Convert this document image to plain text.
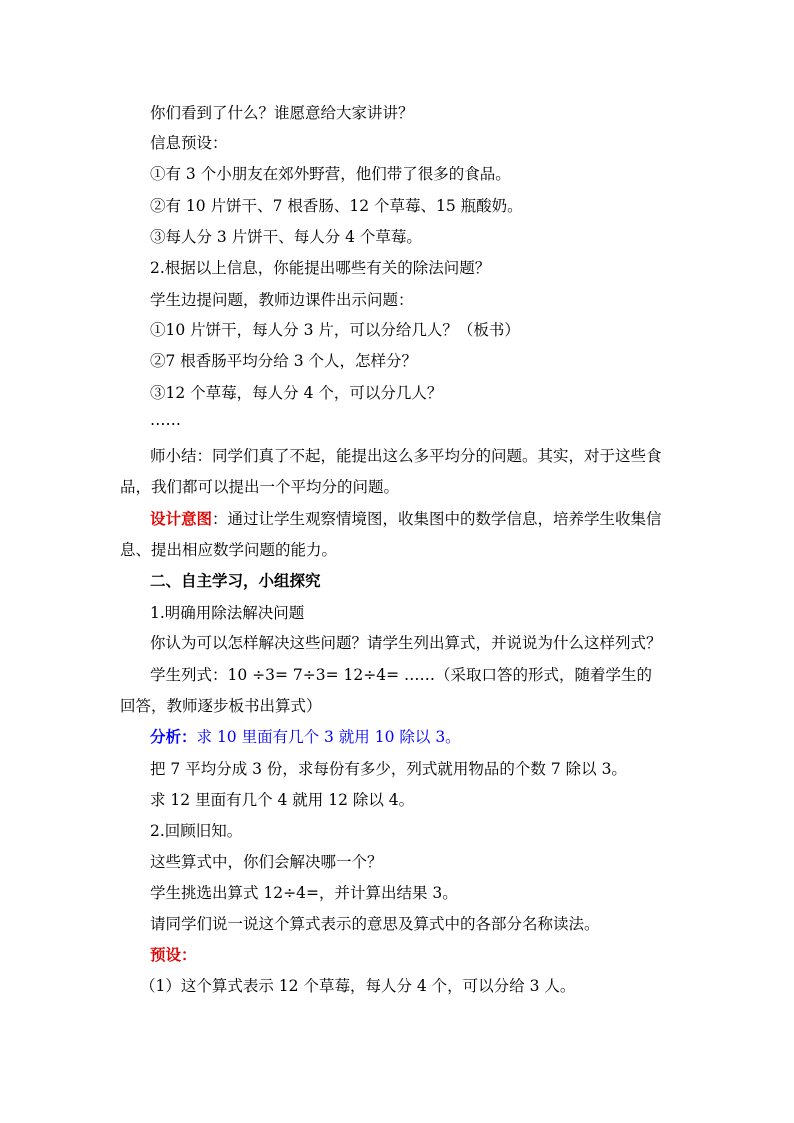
你们看到了什么？谁愿意给大家讲讲？
信息预设：
①有 3 个小朋友在郊外野营，他们带了很多的食品。
②有 10 片饼干、7 根香肠、12 个草莓、15 瓶酸奶。
③每人分 3 片饼干、每人分 4 个草莓。
2.根据以上信息，你能提出哪些有关的除法问题？
学生边提问题，教师边课件出示问题：
①10 片饼干，每人分 3 片，可以分给几人？（板书）
②7 根香肠平均分给 3 个人，怎样分？
③12 个草莓，每人分 4 个，可以分几人？
……
师小结：同学们真了不起，能提出这么多平均分的问题。其实，对于这些食
品，我们都可以提出一个平均分的问题。
设计意图：通过让学生观察情境图，收集图中的数学信息，培养学生收集信
息、提出相应数学问题的能力。
二、自主学习，小组探究
1.明确用除法解决问题
你认为可以怎样解决这些问题？请学生列出算式，并说说为什么这样列式？
学生列式：10 ÷3= 7÷3= 12÷4= ……（采取口答的形式，随着学生的
回答，教师逐步板书出算式）
分析：求 10 里面有几个 3 就用 10 除以 3。
把 7 平均分成 3 份，求每份有多少，列式就用物品的个数 7 除以 3。
求 12 里面有几个 4 就用 12 除以 4。
2.回顾旧知。
这些算式中，你们会解决哪一个？
学生挑选出算式 12÷4=，并计算出结果 3。
请同学们说一说这个算式表示的意思及算式中的各部分名称读法。
预设：
（1）这个算式表示 12 个草莓，每人分 4 个，可以分给 3 人。
